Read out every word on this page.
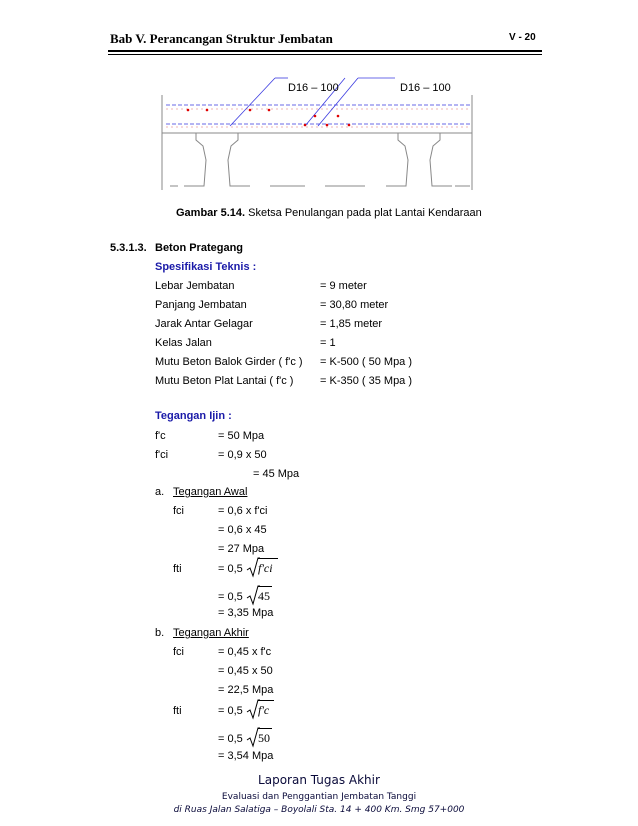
Bab V. Perancangan Struktur Jembatan	V - 20
D16 – 100	D16 – 100
Gambar 5.14. Sketsa Penulangan pada plat Lantai Kendaraan
5.3.1.3. Beton Prategang
Spesifikasi Teknis :
Lebar Jembatan	= 9 meter
Panjang Jembatan	= 30,80 meter
Jarak Antar Gelagar	= 1,85 meter
Kelas Jalan	= 1
Mutu Beton Balok Girder ( f'c ) = K-500 ( 50 Mpa )
Mutu Beton Plat Lantai ( f'c ) = K-350 ( 35 Mpa )
Tegangan Ijin :
f'c	= 50 Mpa
f'ci	= 0,9 x 50
= 45 Mpa
a. Tegangan Awal
fci	= 0,6 x f'ci
= 0,6 x 45
= 27 Mpa
fti	= 0,5 f'ci
= 0,5 45
= 3,35 Mpa
b. Tegangan Akhir
fci	= 0,45 x f'c
= 0,45 x 50
= 22,5 Mpa
fti	= 0,5 f'c
= 0,5 50
= 3,54 Mpa
Laporan Tugas Akhir
Evaluasi dan Penggantian Jembatan Tanggi
di Ruas Jalan Salatiga – Boyolali Sta. 14 + 400 Km. Smg 57+000
